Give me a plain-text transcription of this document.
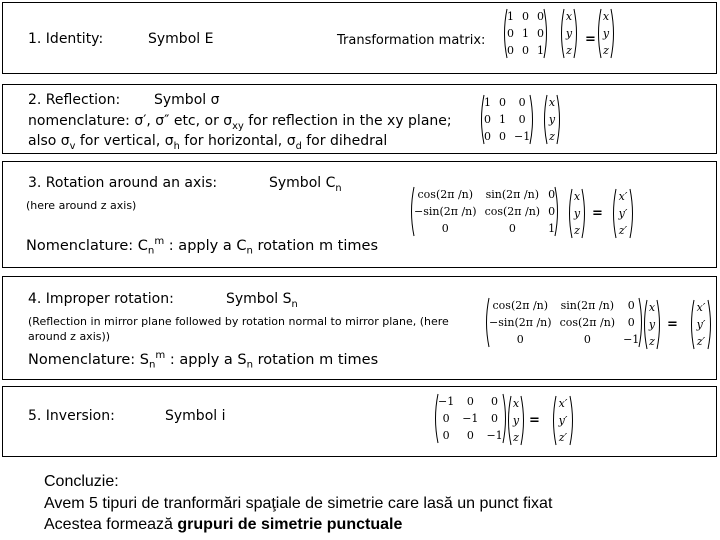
1. Identity:	Symbol E	Transformation matrix:
1	0	0
0	1	0
0	0	1
x
y
z
=
x
y
z
2. Reflection: Symbol σ
nomenclature: σ′, σ″ etc, or $\sigma_{xy}$ for reflection in the xy plane;
also $\sigma_v$ for vertical, $\sigma_h$ for horizontal, $\sigma_d$ for dihedral
1	0	0
0	1	0
0	0	−1
x
y
z
3. Rotation around an axis:	Symbol $C_n$
(here around z axis)
Nomenclature: $C_n^m$ : apply a $C_n$ rotation m times
cos(2π /n)	sin(2π /n)	0
−sin(2π /n)	cos(2π /n)	0
0	0	1
x
y
z
=
x′
y′
z′
4. Improper rotation:	Symbol $S_n$
(Reflection in mirror plane followed by rotation normal to mirror plane, (here
around z axis))
Nomenclature: $S_n^m$ : apply a $S_n$ rotation m times
cos(2π /n)	sin(2π /n)	0
−sin(2π /n)	cos(2π /n)	0
0	0	−1
x
y
z
=
x′
y′
z′
5. Inversion:	Symbol i
−1	0	0
0	−1	0
0	0	−1
x
y
z
=
x′
y′
z′
Concluzie:
Avem 5 tipuri de tranformări spaţiale de simetrie care lasă un punct fixat
Acestea formează grupuri de simetrie punctuale
